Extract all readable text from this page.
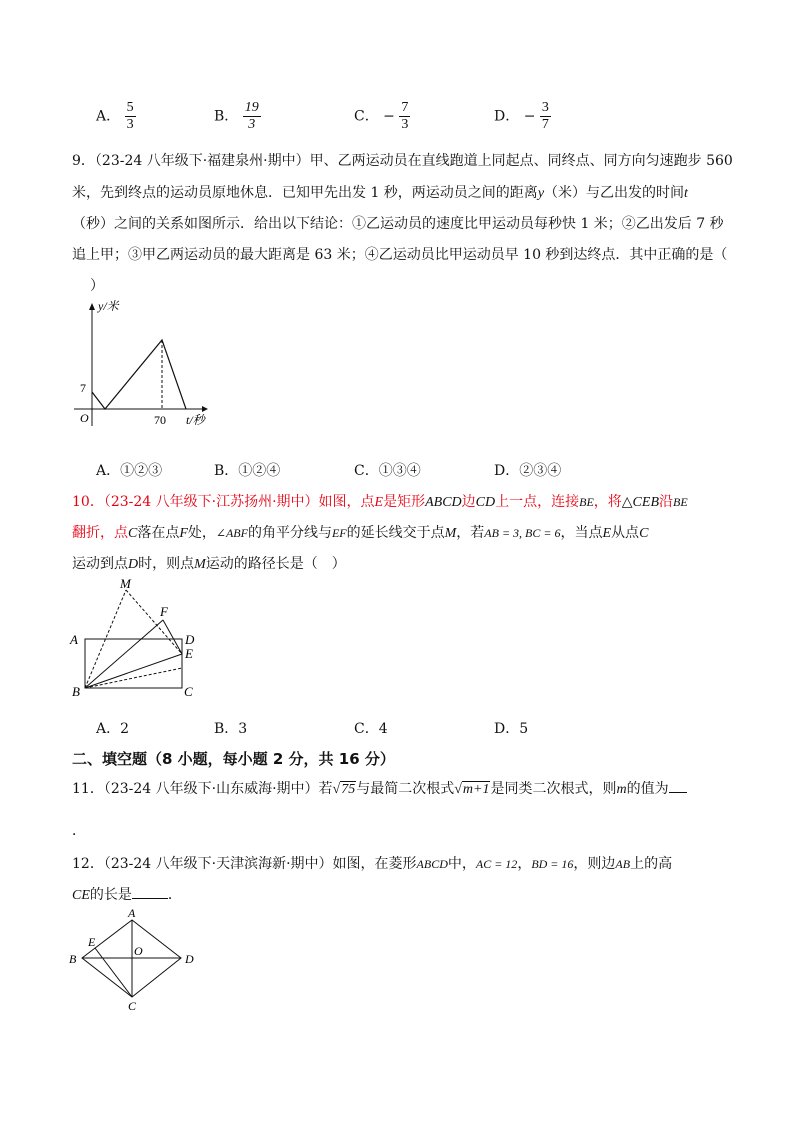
A． $\frac{5}{3}$	B． $\frac{19}{3}$	C． − $\frac{7}{3}$	D． − $\frac{3}{7}$
9．（23-24 八年级下·福建泉州·期中）甲、乙两运动员在直线跑道上同起点、同终点、同方向匀速跑步 560
米，先到终点的运动员原地休息．已知甲先出发 1 秒，两运动员之间的距离y（米）与乙出发的时间t
（秒）之间的关系如图所示．给出以下结论：①乙运动员的速度比甲运动员每秒快 1 米；②乙出发后 7 秒
追上甲；③甲乙两运动员的最大距离是 63 米；④乙运动员比甲运动员早 10 秒到达终点．其中正确的是（
）
y/米
t/秒
O
7
70
A．①②③	B．①②④	C．①③④	D．②③④
10．（23-24 八年级下·江苏扬州·期中）如图，点E是矩形ABCD边CD上一点，连接BE，将△CEB沿BE
翻折，点C落在点F处，∠ABF的角平分线与EF的延长线交于点M，若AB = 3, BC = 6，当点E从点C
运动到点D时，则点M运动的路径长是（　）
M
F
A	D
E
B	C
A．2	B．3	C．4	D．5
二、填空题（8 小题，每小题 2 分，共 16 分）
11．（23-24 八年级下·山东威海·期中）若√75与最简二次根式√m+1是同类二次根式，则m的值为
．
12．（23-24 八年级下·天津滨海新·期中）如图，在菱形ABCD中，AC = 12，BD = 16，则边AB上的高
CE的长是	．
A
B
C
D
E
O
